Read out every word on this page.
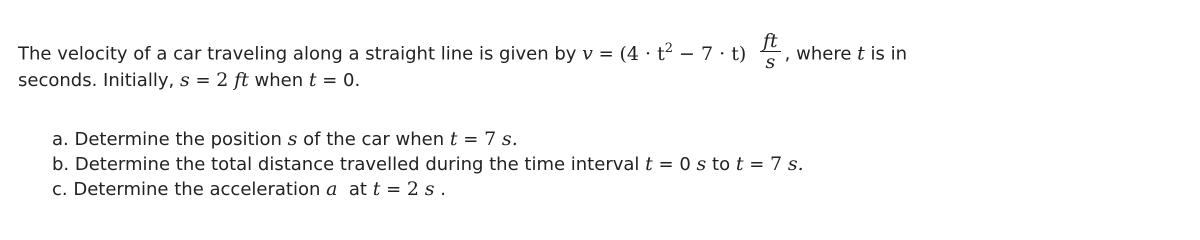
The velocity of a car traveling along a straight line is given by $v = (4 \cdot t^2 - 7 \cdot t) \frac{ft}{s}$ , where t is in
seconds. Initially, s = 2 ft when t = 0.
a. Determine the position s of the car when t = 7 s.
b. Determine the total distance travelled during the time interval t = 0 s to t = 7 s.
c. Determine the acceleration a at t = 2 s .
